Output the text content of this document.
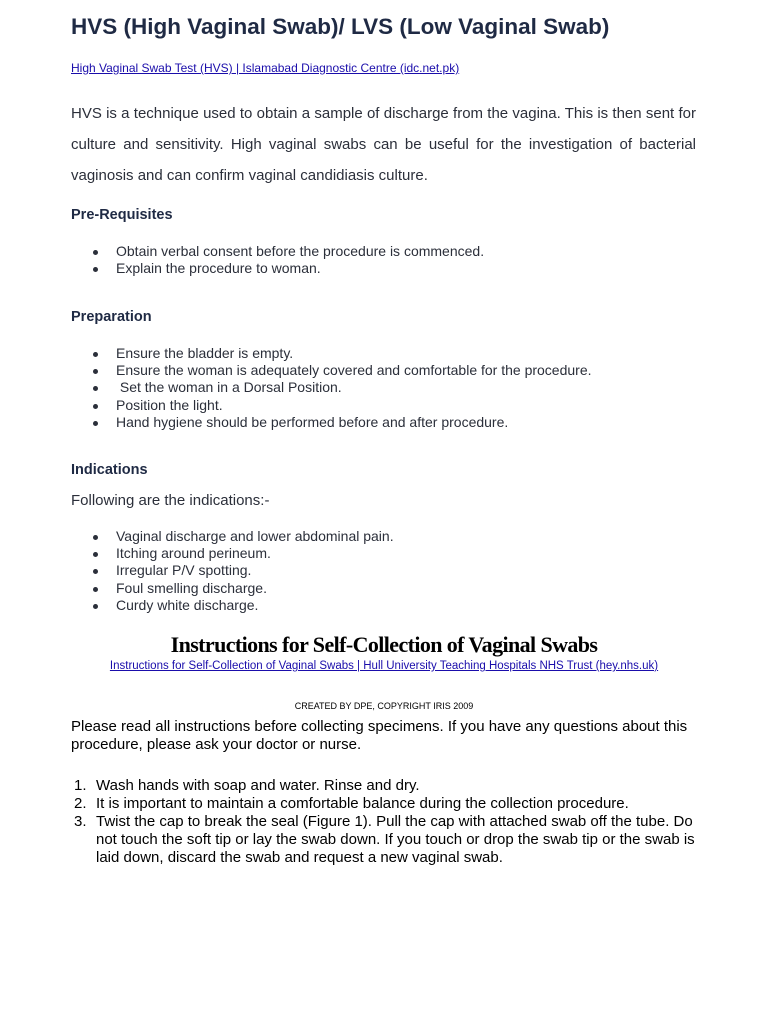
HVS (High Vaginal Swab)/ LVS (Low Vaginal Swab)
High Vaginal Swab Test (HVS) | Islamabad Diagnostic Centre (idc.net.pk)

HVS is a technique used to obtain a sample of discharge from the vagina. This is then sent for culture and sensitivity. High vaginal swabs can be useful for the investigation of bacterial vaginosis and can confirm vaginal candidiasis culture.

Pre-Requisites
Obtain verbal consent before the procedure is commenced.
Explain the procedure to woman.
Preparation
Ensure the bladder is empty.
Ensure the woman is adequately covered and comfortable for the procedure.
Set the woman in a Dorsal Position.
Position the light.
Hand hygiene should be performed before and after procedure.
Indications

Following are the indications:-

Vaginal discharge and lower abdominal pain.
Itching around perineum.
Irregular P/V spotting.
Foul smelling discharge.
Curdy white discharge.
Instructions for Self-Collection of Vaginal Swabs
Instructions for Self-Collection of Vaginal Swabs | Hull University Teaching Hospitals NHS Trust (hey.nhs.uk)
CREATED BY DPE, COPYRIGHT IRIS 2009

Please read all instructions before collecting specimens. If you have any questions about this procedure, please ask your doctor or nurse.

1. Wash hands with soap and water. Rinse and dry.
2. It is important to maintain a comfortable balance during the collection procedure.
3. Twist the cap to break the seal (Figure 1). Pull the cap with attached swab off the tube. Do not touch the soft tip or lay the swab down. If you touch or drop the swab tip or the swab is laid down, discard the swab and request a new vaginal swab.
